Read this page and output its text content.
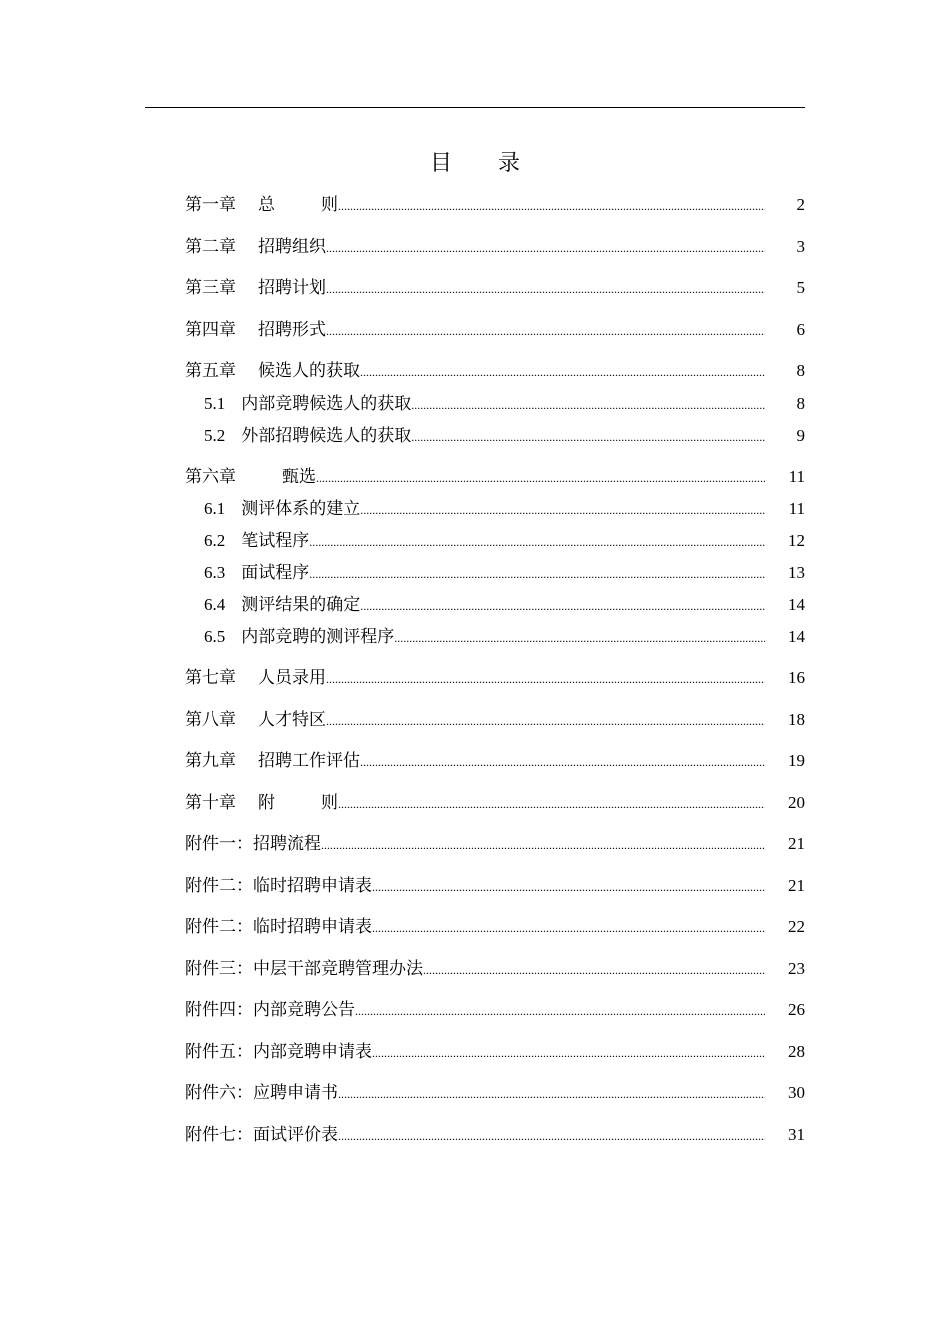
目 录
第一章 总	则 .....	2
第二章 招聘组织 .....	3
第三章 招聘计划 .....	5
第四章 招聘形式 .....	6
第五章 候选人的获取 .....	8
5.1 内部竞聘候选人的获取 .....	8
5.2 外部招聘候选人的获取 .....	9
第六章	甄选 .....	11
6.1 测评体系的建立 .....	11
6.2 笔试程序 .....	12
6.3 面试程序 .....	13
6.4 测评结果的确定 .....	14
6.5 内部竞聘的测评程序 .....	14
第七章 人员录用 .....	16
第八章 人才特区 .....	18
第九章 招聘工作评估 .....	19
第十章 附	则 .....	20
附件一：招聘流程 .....	21
附件二：临时招聘申请表 .....	21
附件二：临时招聘申请表 .....	22
附件三：中层干部竞聘管理办法 .....	23
附件四：内部竞聘公告 .....	26
附件五：内部竞聘申请表 .....	28
附件六：应聘申请书 .....	30
附件七：面试评价表 .....	31
